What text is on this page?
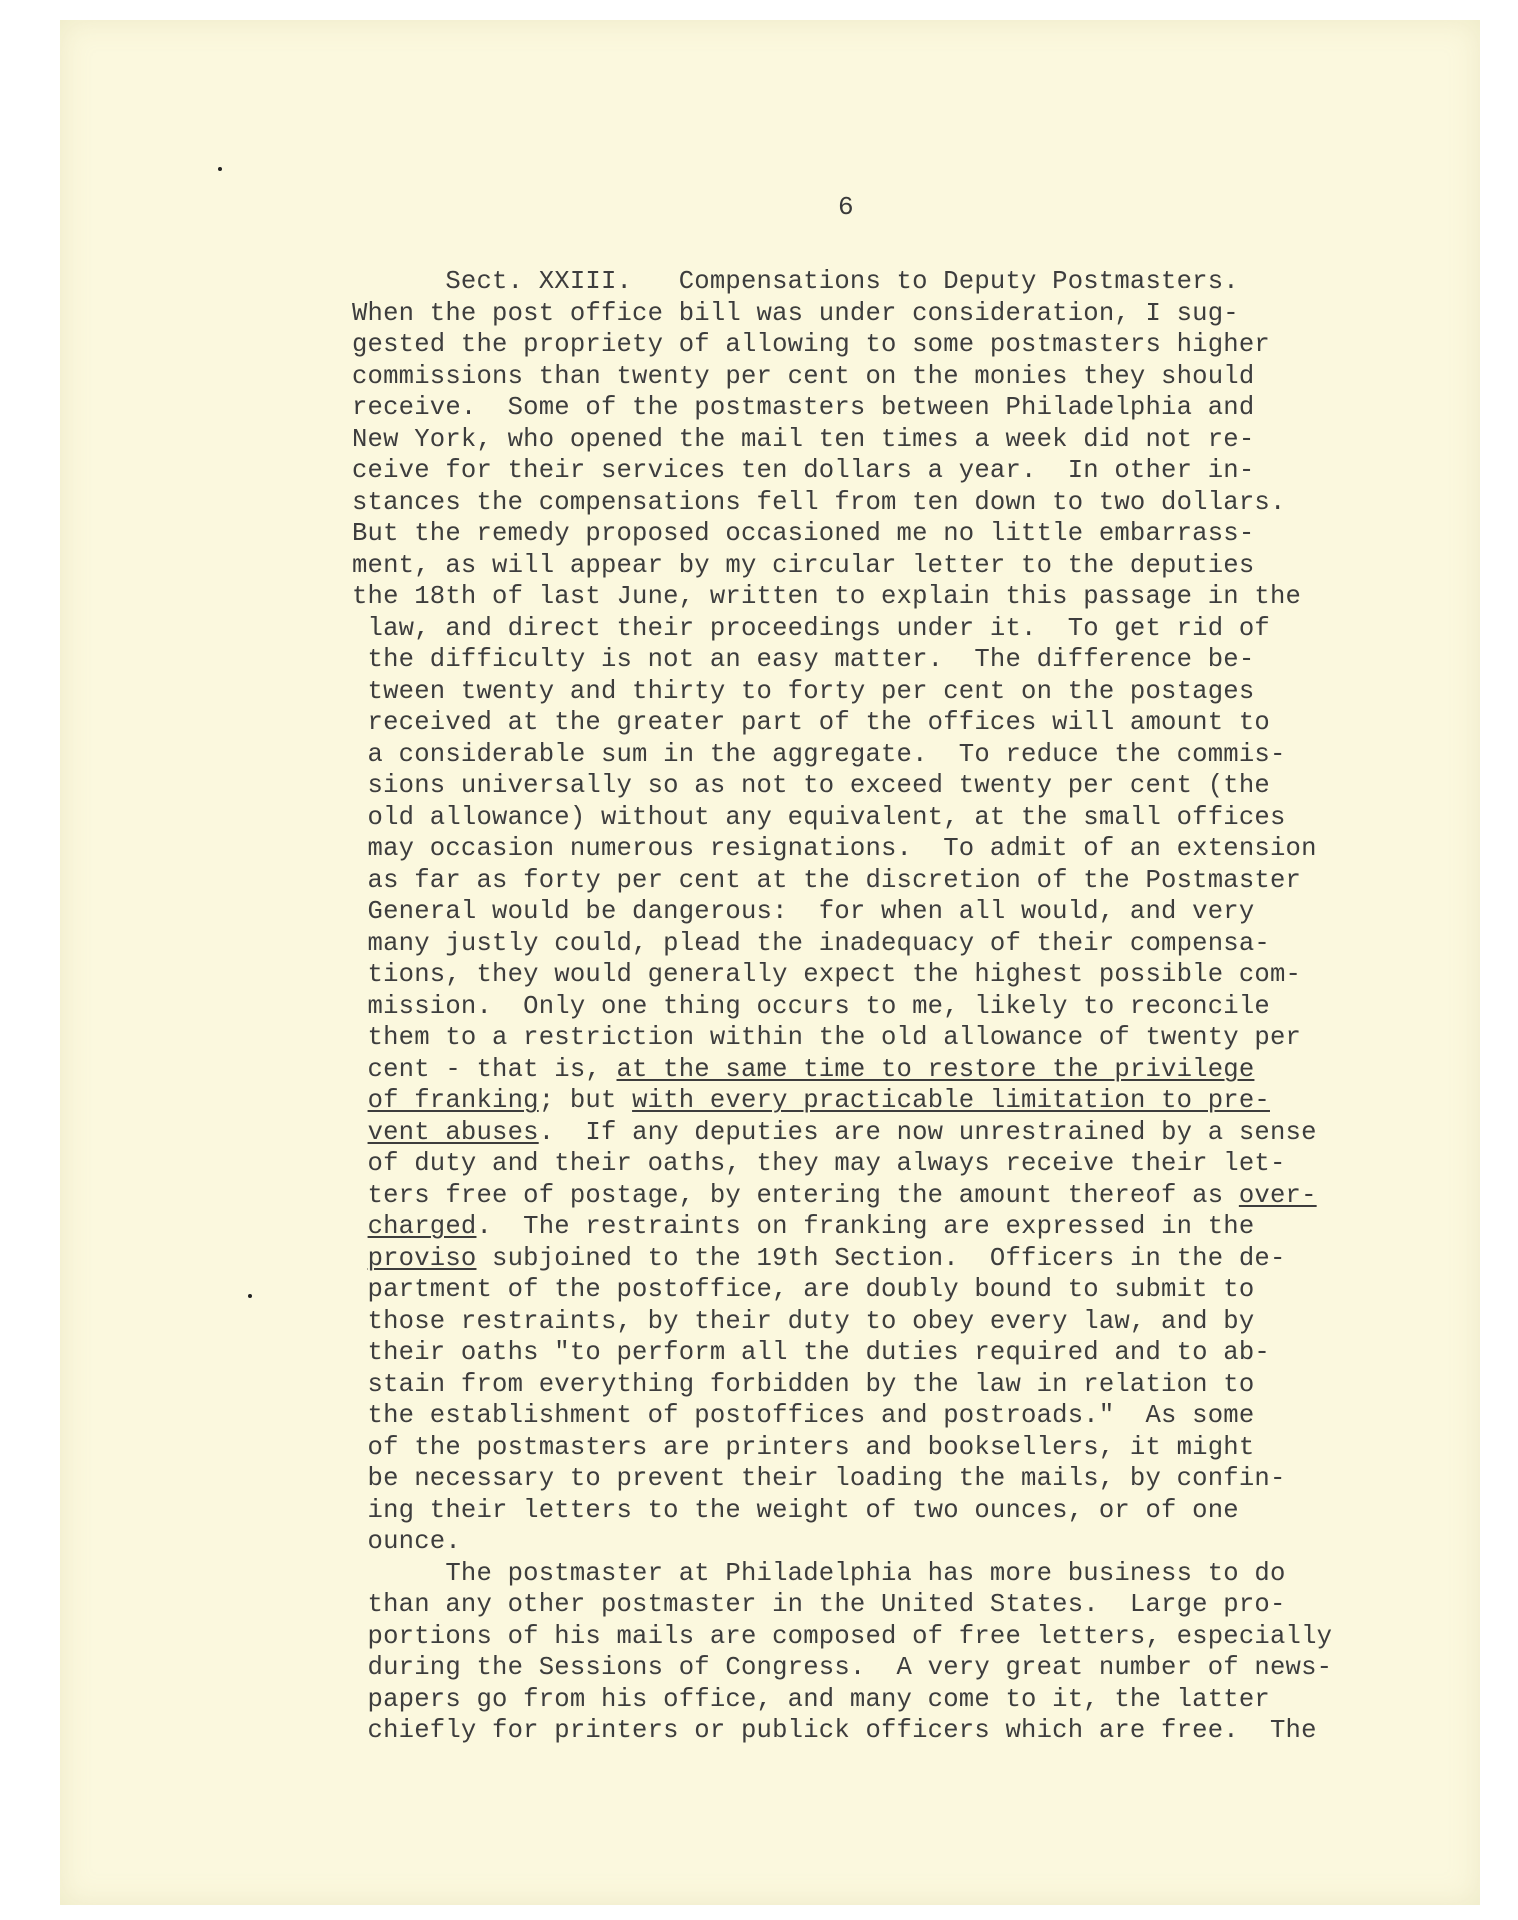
6
Sect. XXIII.   Compensations to Deputy Postmasters.
When the post office bill was under consideration, I sug-
gested the propriety of allowing to some postmasters higher
commissions than twenty per cent on the monies they should
receive.  Some of the postmasters between Philadelphia and
New York, who opened the mail ten times a week did not re-
ceive for their services ten dollars a year.  In other in-
stances the compensations fell from ten down to two dollars.
But the remedy proposed occasioned me no little embarrass-
ment, as will appear by my circular letter to the deputies
the 18th of last June, written to explain this passage in the
law, and direct their proceedings under it.  To get rid of
the difficulty is not an easy matter.  The difference be-
tween twenty and thirty to forty per cent on the postages
received at the greater part of the offices will amount to
a considerable sum in the aggregate.  To reduce the commis-
sions universally so as not to exceed twenty per cent (the
old allowance) without any equivalent, at the small offices
may occasion numerous resignations.  To admit of an extension
as far as forty per cent at the discretion of the Postmaster
General would be dangerous:  for when all would, and very
many justly could, plead the inadequacy of their compensa-
tions, they would generally expect the highest possible com-
mission.  Only one thing occurs to me, likely to reconcile
them to a restriction within the old allowance of twenty per
cent - that is, at the same time to restore the privilege
of franking; but with every practicable limitation to pre-
vent abuses.  If any deputies are now unrestrained by a sense
of duty and their oaths, they may always receive their let-
ters free of postage, by entering the amount thereof as over-
charged.  The restraints on franking are expressed in the
proviso subjoined to the 19th Section.  Officers in the de-
partment of the postoffice, are doubly bound to submit to
those restraints, by their duty to obey every law, and by
their oaths "to perform all the duties required and to ab-
stain from everything forbidden by the law in relation to
the establishment of postoffices and postroads."  As some
of the postmasters are printers and booksellers, it might
be necessary to prevent their loading the mails, by confin-
ing their letters to the weight of two ounces, or of one
ounce.
The postmaster at Philadelphia has more business to do
than any other postmaster in the United States.  Large pro-
portions of his mails are composed of free letters, especially
during the Sessions of Congress.  A very great number of news-
papers go from his office, and many come to it, the latter
chiefly for printers or publick officers which are free.  The
